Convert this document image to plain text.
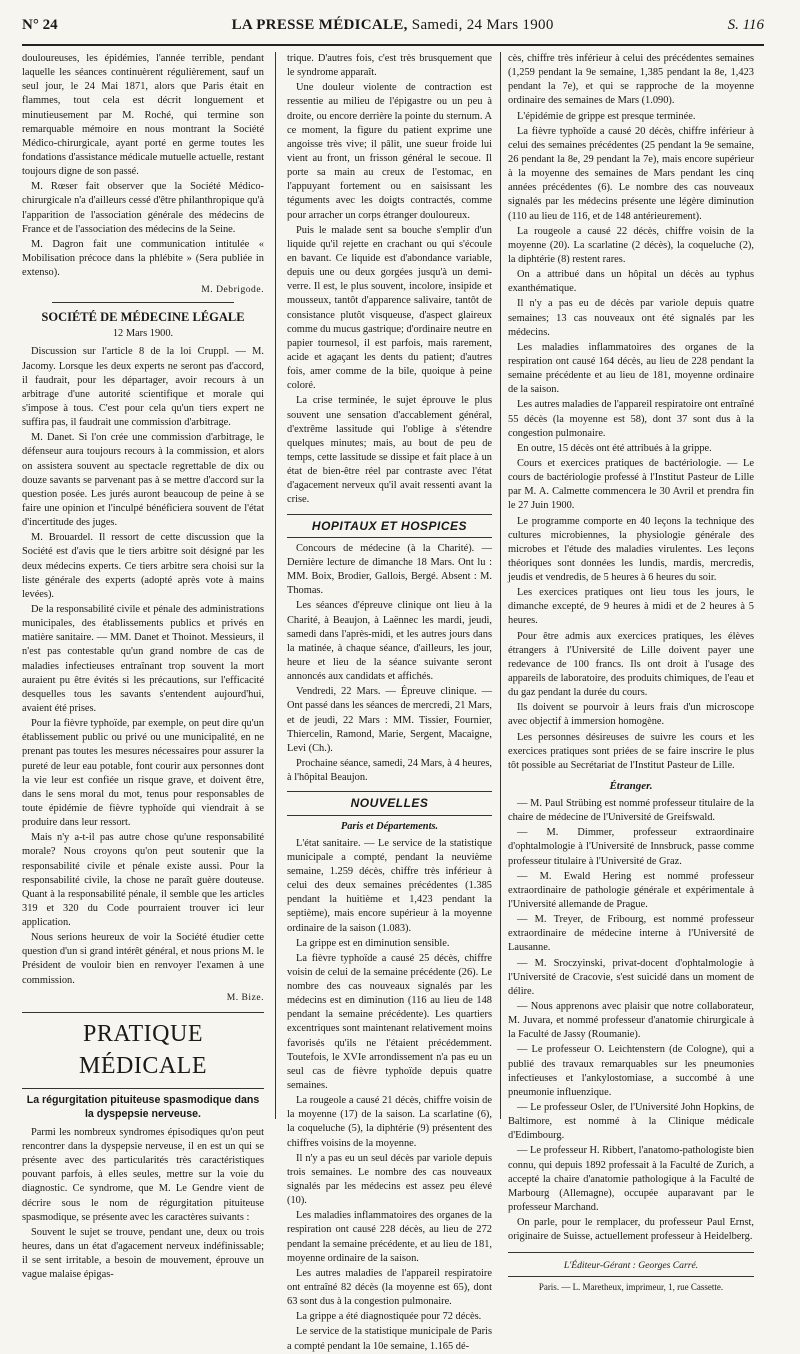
N° 24	LA PRESSE MÉDICALE, Samedi, 24 Mars 1900	S. 116

douloureuses, les épidémies, l'année terrible, pendant laquelle les séances continuèrent régulièrement, sauf un seul jour, le 24 Mai 1871, alors que Paris était en flammes, tout cela est décrit longuement et minutieusement par M. Roché, qui termine son remarquable mémoire en nous montrant la Société Médico-chirurgicale, ayant porté en germe toutes les fondations d'assistance médicale mutuelle actuelle, restant toujours digne de son passé.

M. Rœser fait observer que la Société Médico-chirurgicale n'a d'ailleurs cessé d'être philanthropique qu'à l'apparition de l'association générale des médecins de France et de l'association des médecins de la Seine.

M. Dagron fait une communication intitulée « Mobilisation précoce dans la phlébite » (Sera publiée in extenso).

M. Debrigode.
SOCIÉTÉ DE MÉDECINE LÉGALE
12 Mars 1900.

Discussion sur l'article 8 de la loi Cruppl. — M. Jacomy. Lorsque les deux experts ne seront pas d'accord, il faudrait, pour les départager, avoir recours à un arbitrage d'une autorité scientifique et morale qui s'impose à tous. C'est pour cela qu'un tiers expert ne suffira pas, il faudrait une commission d'arbitrage.

M. Danet. Si l'on crée une commission d'arbitrage, le défenseur aura toujours recours à la commission, et alors on assistera souvent au spectacle regrettable de dix ou douze savants se parvenant pas à se mettre d'accord sur la question posée. Les jurés auront beaucoup de peine à se faire une opinion et l'inculpé bénéficiera souvent de l'état d'incertitude des juges.

M. Brouardel. Il ressort de cette discussion que la Société est d'avis que le tiers arbitre soit désigné par les deux médecins experts. Ce tiers arbitre sera choisi sur la liste générale des experts (adopté après vote à mains levées).

De la responsabilité civile et pénale des administrations municipales, des établissements publics et privés en matière sanitaire. — MM. Danet et Thoinot. Messieurs, il n'est pas contestable qu'un grand nombre de cas de maladies infectieuses entraînant trop souvent la mort auraient pu être évités si les précautions, sur l'efficacité desquelles tous les savants s'entendent aujourd'hui, avaient été prises.

Pour la fièvre typhoïde, par exemple, on peut dire qu'un établissement public ou privé ou une municipalité, en ne prenant pas toutes les mesures nécessaires pour assurer la pureté de leur eau potable, font courir aux personnes dont la vie leur est confiée un risque grave, et doivent être, dans le sens moral du mot, tenus pour responsables de toute épidémie de fièvre typhoïde qui viendrait à se produire dans leur ressort.

Mais n'y a-t-il pas autre chose qu'une responsabilité morale? Nous croyons qu'on peut soutenir que la responsabilité civile et pénale existe aussi. Pour la responsabilité civile, la chose ne paraît guère douteuse. Quant à la responsabilité pénale, il semble que les articles 319 et 320 du Code pourraient trouver ici leur application.

Nous serions heureux de voir la Société étudier cette question d'un si grand intérêt général, et nous prions M. le Président de vouloir bien en renvoyer l'examen à une commission.

M. Bize.
PRATIQUE MÉDICALE
La régurgitation pituiteuse spasmodique dans la dyspepsie nerveuse.

Parmi les nombreux syndromes épisodiques qu'on peut rencontrer dans la dyspepsie nerveuse, il en est un qui se présente avec des particularités très caractéristiques pouvant parfois, à elles seules, mettre sur la voie du diagnostic. Ce syndrome, que M. Le Gendre vient de décrire sous le nom de régurgitation pituiteuse spasmodique, se présente avec les caractères suivants :

Souvent le sujet se trouve, pendant une, deux ou trois heures, dans un état d'agacement nerveux indéfinissable; il se sent irritable, a besoin de mouvement, éprouve un vague malaise épigas-

trique. D'autres fois, c'est très brusquement que le syndrome apparaît.

Une douleur violente de contraction est ressentie au milieu de l'épigastre ou un peu à droite, ou encore derrière la pointe du sternum. A ce moment, la figure du patient exprime une angoisse très vive; il pâlit, une sueur froide lui vient au front, un frisson général le secoue. Il porte sa main au creux de l'estomac, en l'appuyant fortement ou en saisissant les téguments avec les doigts contractés, comme pour arracher un corps étranger douloureux.

Puis le malade sent sa bouche s'emplir d'un liquide qu'il rejette en crachant ou qui s'écoule en bavant. Ce liquide est d'abondance variable, depuis une ou deux gorgées jusqu'à un demi-verre. Il est, le plus souvent, incolore, insipide et mousseux, tantôt d'apparence salivaire, tantôt de consistance plutôt visqueuse, d'aspect glaireux comme du mucus gastrique; d'ordinaire neutre en papier tournesol, il est parfois, mais rarement, acide et agaçant les dents du patient; d'autres fois, amer comme de la bile, quoique à peine coloré.

La crise terminée, le sujet éprouve le plus souvent une sensation d'accablement général, d'extrême lassitude qui l'oblige à s'étendre quelques minutes; mais, au bout de peu de temps, cette lassitude se dissipe et fait place à un état de bien-être réel par contraste avec l'état d'agacement nerveux qu'il avait ressenti avant la crise.

HOPITAUX ET HOSPICES

Concours de médecine (à la Charité). — Dernière lecture de dimanche 18 Mars. Ont lu : MM. Boix, Brodier, Gallois, Bergé. Absent : M. Thomas.

Les séances d'épreuve clinique ont lieu à la Charité, à Beaujon, à Laënnec les mardi, jeudi, samedi dans l'après-midi, et les autres jours dans la matinée, à chaque séance, d'ailleurs, les jour, heure et lieu de la séance suivante seront annoncés aux candidats et affichés.

Vendredi, 22 Mars. — Épreuve clinique. — Ont passé dans les séances de mercredi, 21 Mars, et de jeudi, 22 Mars : MM. Tissier, Fournier, Thiercelin, Ramond, Marie, Sergent, Macaigne, Levi (Ch.).

Prochaine séance, samedi, 24 Mars, à 4 heures, à l'hôpital Beaujon.

NOUVELLES
Paris et Départements.

L'état sanitaire. — Le service de la statistique municipale a compté, pendant la neuvième semaine, 1.259 décès, chiffre très inférieur à celui des deux semaines précédentes (1.385 pendant la huitième et 1,423 pendant la septième), mais encore supérieur à la moyenne ordinaire de la saison (1.083).

La grippe est en diminution sensible.

La fièvre typhoïde a causé 25 décès, chiffre voisin de celui de la semaine précédente (26). Le nombre des cas nouveaux signalés par les médecins est en diminution (116 au lieu de 148 pendant la semaine précédente). Les quartiers excentriques sont maintenant relativement moins favorisés qu'ils ne l'étaient précédemment. Toutefois, le XVIe arrondissement n'a pas eu un seul cas de fièvre typhoïde depuis quatre semaines.

La rougeole a causé 21 décès, chiffre voisin de la moyenne (17) de la saison. La scarlatine (6), la coqueluche (5), la diphtérie (9) présentent des chiffres voisins de la moyenne.

Il n'y a pas eu un seul décès par variole depuis trois semaines. Le nombre des cas nouveaux signalés par les médecins est assez peu élevé (10).

Les maladies inflammatoires des organes de la respiration ont causé 228 décès, au lieu de 272 pendant la semaine précédente, et au lieu de 181, moyenne ordinaire de la saison.

Les autres maladies de l'appareil respiratoire ont entraîné 82 décès (la moyenne est 65), dont 63 sont dus à la congestion pulmonaire.

La grippe a été diagnostiquée pour 72 décès.

Le service de la statistique municipale de Paris a compté pendant la 10e semaine, 1.165 dé-

cès, chiffre très inférieur à celui des précédentes semaines (1,259 pendant la 9e semaine, 1,385 pendant la 8e, 1,423 pendant la 7e), et qui se rapproche de la moyenne ordinaire des semaines de Mars (1.090).

L'épidémie de grippe est presque terminée.

La fièvre typhoïde a causé 20 décès, chiffre inférieur à celui des semaines précédentes (25 pendant la 9e semaine, 26 pendant la 8e, 29 pendant la 7e), mais encore supérieur à la moyenne des semaines de Mars pendant les cinq années précédentes (6). Le nombre des cas nouveaux signalés par les médecins présente une légère diminution (110 au lieu de 116, et de 148 antérieurement).

La rougeole a causé 22 décès, chiffre voisin de la moyenne (20). La scarlatine (2 décès), la coqueluche (2), la diphtérie (8) restent rares.

On a attribué dans un hôpital un décès au typhus exanthématique.

Il n'y a pas eu de décès par variole depuis quatre semaines; 13 cas nouveaux ont été signalés par les médecins.

Les maladies inflammatoires des organes de la respiration ont causé 164 décès, au lieu de 228 pendant la semaine précédente et au lieu de 181, moyenne ordinaire de la saison.

Les autres maladies de l'appareil respiratoire ont entraîné 55 décès (la moyenne est 58), dont 37 sont dus à la congestion pulmonaire.

En outre, 15 décès ont été attribués à la grippe.

Cours et exercices pratiques de bactériologie. — Le cours de bactériologie professé à l'Institut Pasteur de Lille par M. A. Calmette commencera le 30 Avril et prendra fin le 27 Juin 1900.

Le programme comporte en 40 leçons la technique des cultures microbiennes, la physiologie générale des microbes et l'étude des maladies virulentes. Les leçons théoriques sont données les lundis, mardis, mercredis, jeudis et vendredis, de 5 heures à 6 heures du soir.

Les exercices pratiques ont lieu tous les jours, le dimanche excepté, de 9 heures à midi et de 2 heures à 5 heures.

Pour être admis aux exercices pratiques, les élèves étrangers à l'Université de Lille doivent payer une redevance de 100 francs. Ils ont droit à l'usage des appareils de laboratoire, des produits chimiques, de l'eau et du gaz pendant la durée du cours.

Ils doivent se pourvoir à leurs frais d'un microscope avec objectif à immersion homogène.

Les personnes désireuses de suivre les cours et les exercices pratiques sont priées de se faire inscrire le plus tôt possible au Secrétariat de l'Institut Pasteur de Lille.

Étranger.

— M. Paul Strübing est nommé professeur titulaire de la chaire de médecine de l'Université de Greifswald.

— M. Dimmer, professeur extraordinaire d'ophtalmologie à l'Université de Innsbruck, passe comme professeur titulaire à l'Université de Graz.

— M. Ewald Hering est nommé professeur extraordinaire de pathologie générale et expérimentale à l'Université allemande de Prague.

— M. Treyer, de Fribourg, est nommé professeur extraordinaire de médecine interne à l'Université de Lausanne.

— M. Sroczyinski, privat-docent d'ophtalmologie à l'Université de Cracovie, s'est suicidé dans un moment de délire.

— Nous apprenons avec plaisir que notre collaborateur, M. Juvara, et nommé professeur d'anatomie chirurgicale à la Faculté de Jassy (Roumanie).

— Le professeur O. Leichtenstern (de Cologne), qui a publié des travaux remarquables sur les pneumonies infectieuses et l'ankylostomiase, a succombé à une pneumonie influenzique.

— Le professeur Osler, de l'Université John Hopkins, de Baltimore, est nommé à la Clinique médicale d'Edimbourg.

— Le professeur H. Ribbert, l'anatomo-pathologiste bien connu, qui depuis 1892 professait à la Faculté de Zurich, a accepté la chaire d'anatomie pathologique à la Faculté de Marbourg (Allemagne), occupée auparavant par le professeur Marchand.

On parle, pour le remplacer, du professeur Paul Ernst, originaire de Suisse, actuellement professeur à Heidelberg.

L'Éditeur-Gérant : Georges Carré.
Paris. — L. Maretheux, imprimeur, 1, rue Cassette.
